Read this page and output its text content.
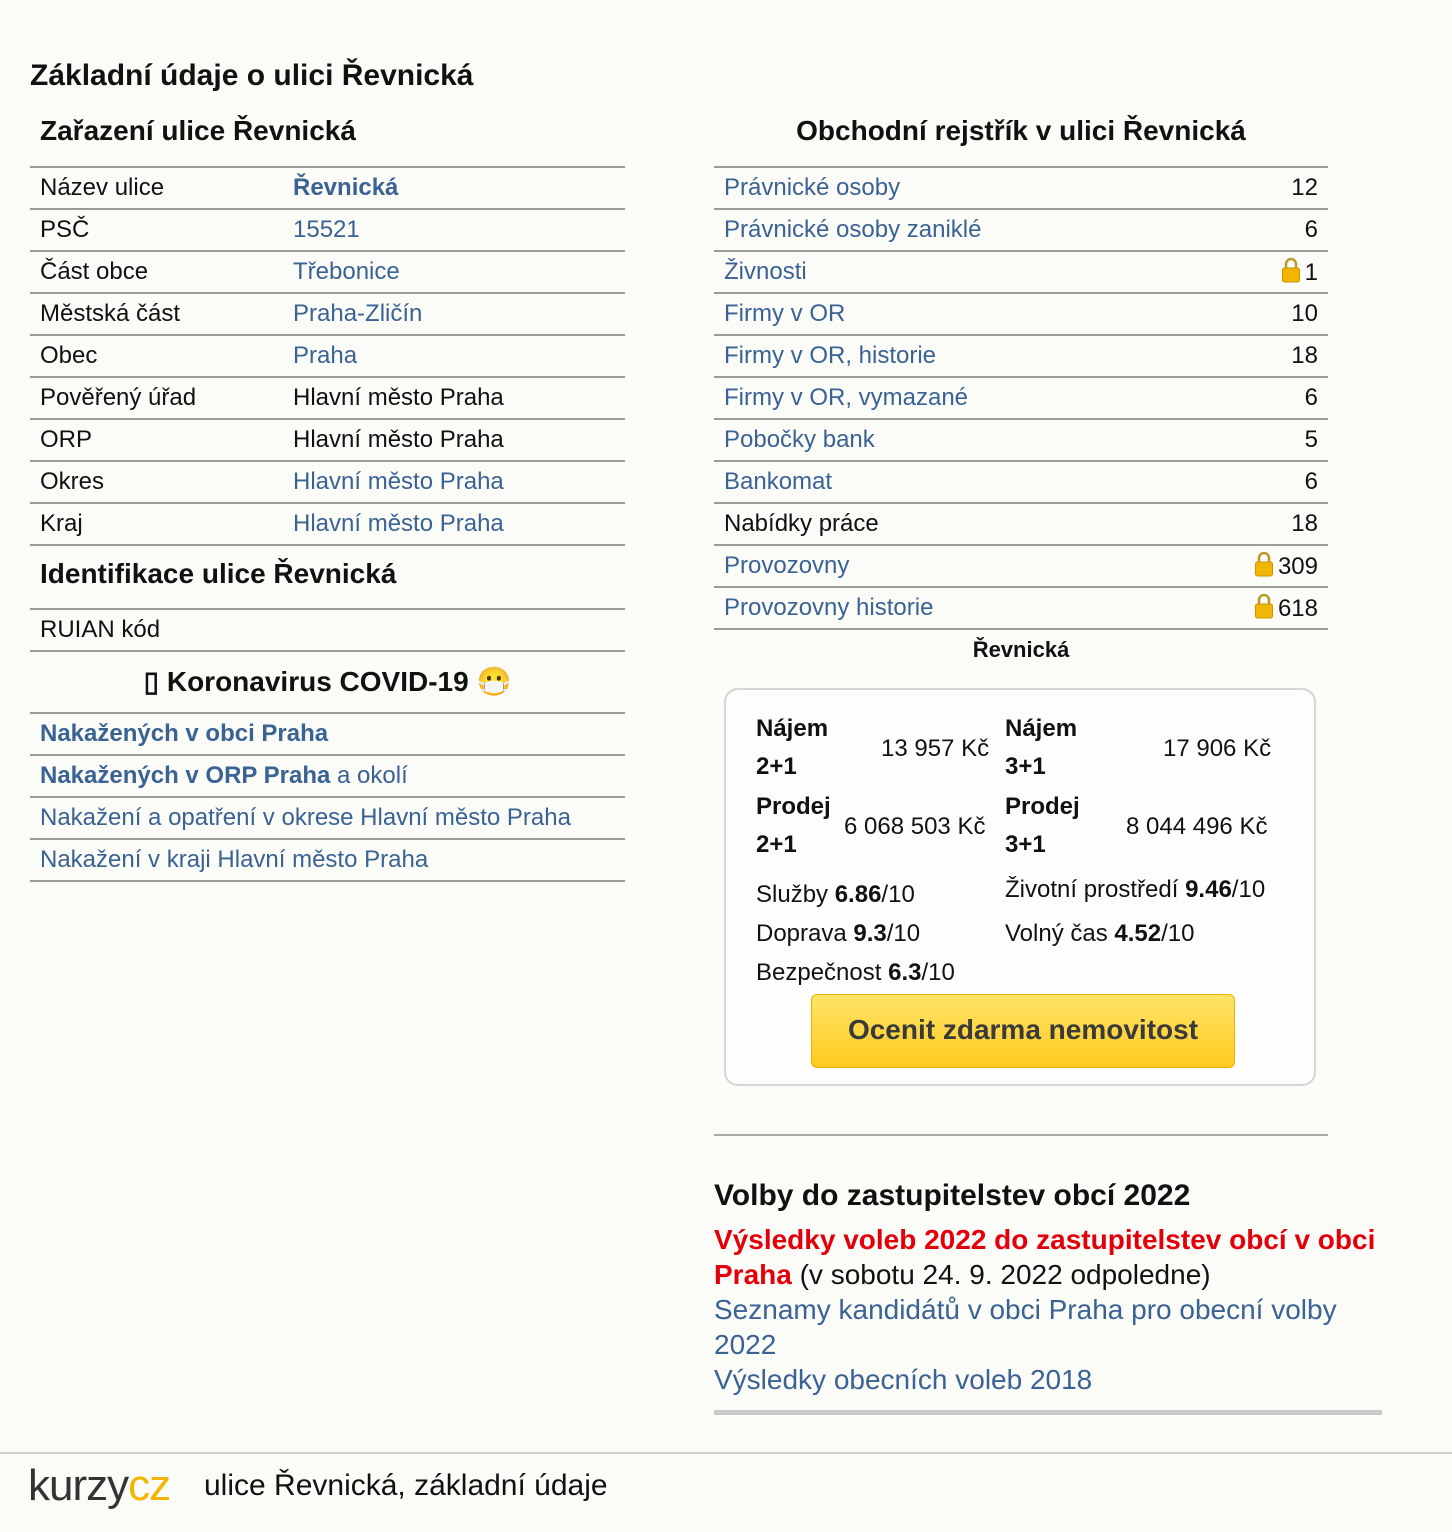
Základní údaje o ulici Řevnická
Zařazení ulice Řevnická
Název ulice	Řevnická
PSČ	15521
Část obce	Třebonice
Městská část	Praha-Zličín
Obec	Praha
Pověřený úřad	Hlavní město Praha
ORP	Hlavní město Praha
Okres	Hlavní město Praha
Kraj	Hlavní město Praha
Identifikace ulice Řevnická
RUIAN kód	
▯ Koronavirus COVID-19 😷
Nakažených v obci Praha
Nakažených v ORP Praha a okolí
Nakažení a opatření v okrese Hlavní město Praha
Nakažení v kraji Hlavní město Praha
Obchodní rejstřík v ulici Řevnická
Právnické osoby	12
Právnické osoby zaniklé	6
Živnosti	1
Firmy v OR	10
Firmy v OR, historie	18
Firmy v OR, vymazané	6
Pobočky bank	5
Bankomat	6
Nabídky práce	18
Provozovny	309
Provozovny historie	618
Řevnická
Nájem
2+1
13 957 Kč
Nájem
3+1
17 906 Kč
Prodej
2+1
6 068 503 Kč
Prodej
3+1
8 044 496 Kč
Služby 6.86/10	Životní prostředí 9.46/10
Doprava 9.3/10	Volný čas 4.52/10
Bezpečnost 6.3/10
Ocenit zdarma nemovitost
Volby do zastupitelstev obcí 2022
Výsledky voleb 2022 do zastupitelstev obcí v obci Praha (v sobotu 24. 9. 2022 odpoledne)
Seznamy kandidátů v obci Praha pro obecní volby 2022
Výsledky obecních voleb 2018
kurzycz ulice Řevnická, základní údaje
